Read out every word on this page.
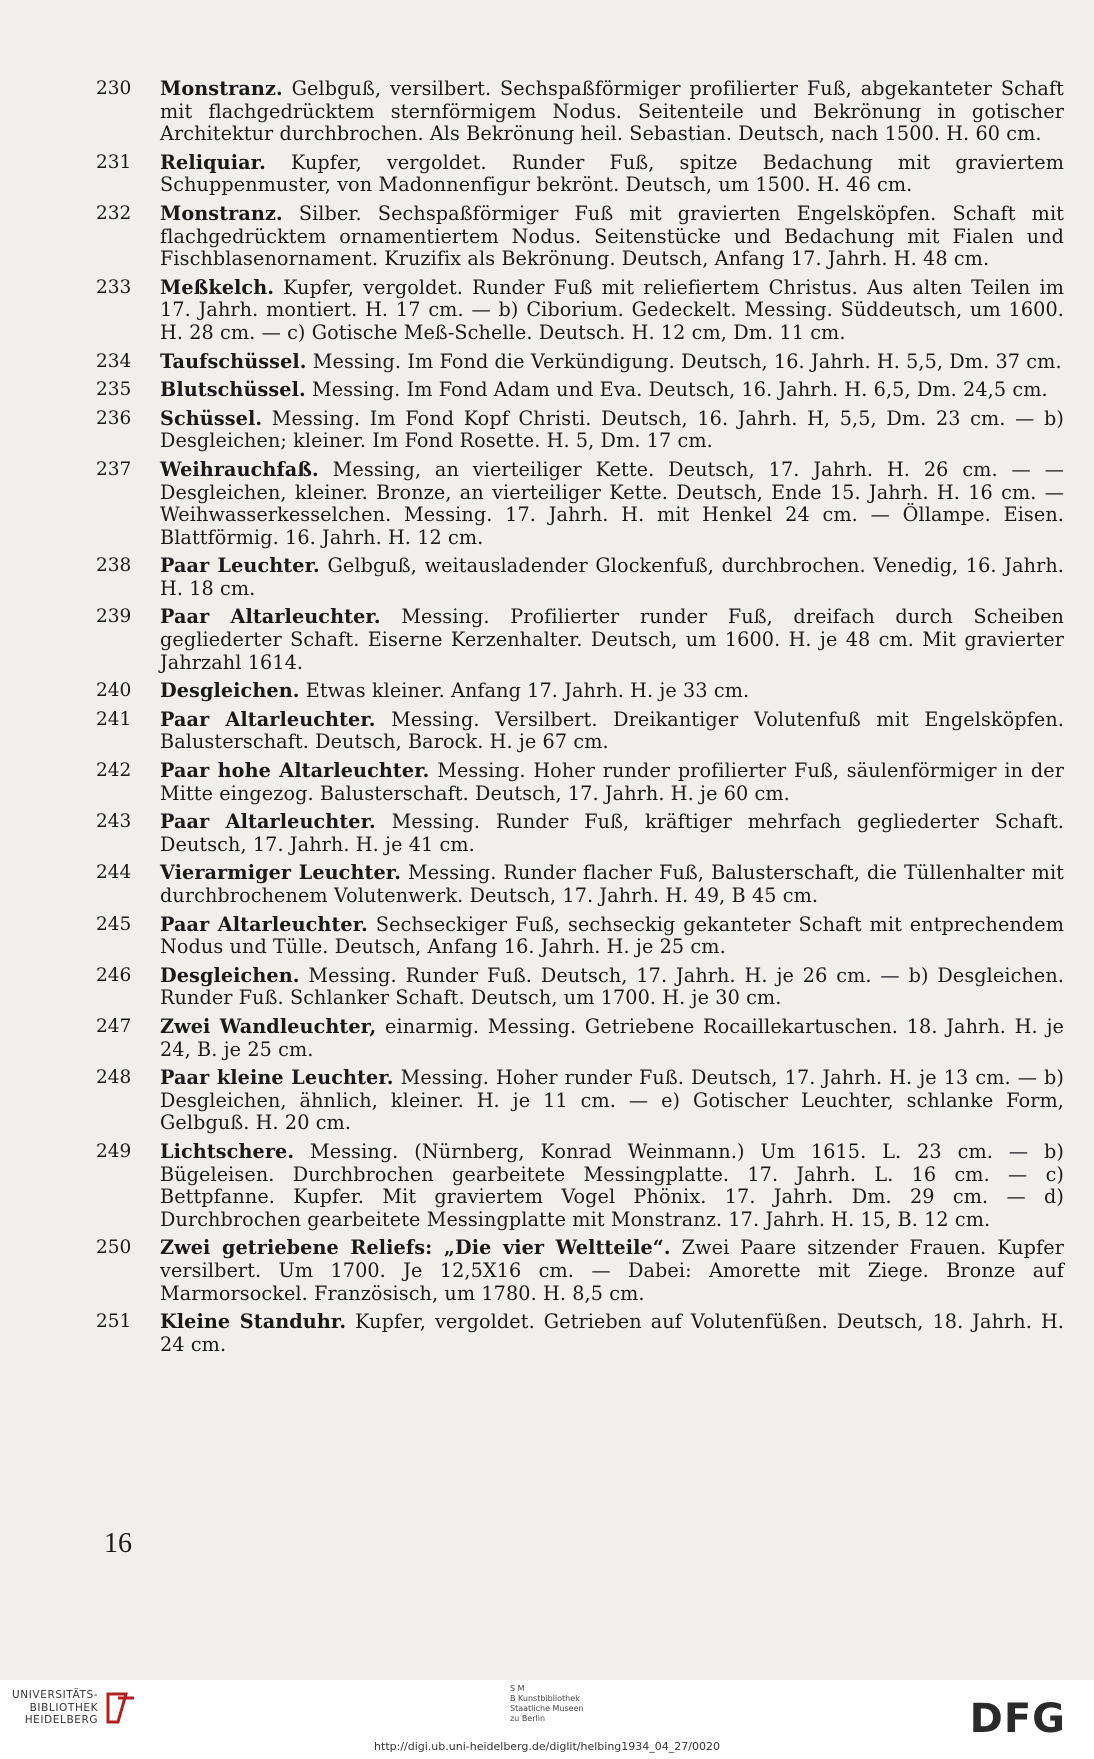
230	Monstranz. Gelbguß, versilbert. Sechspaßförmiger profilierter Fuß, abgekanteter Schaft mit flachgedrücktem sternförmigem Nodus. Seitenteile und Bekrönung in gotischer Architektur durchbrochen. Als Bekrönung heil. Sebastian. Deutsch, nach 1500. H. 60 cm.
231	Reliquiar. Kupfer, vergoldet. Runder Fuß, spitze Bedachung mit graviertem Schuppenmuster, von Madonnenfigur bekrönt. Deutsch, um 1500. H. 46 cm.
232	Monstranz. Silber. Sechspaßförmiger Fuß mit gravierten Engelsköpfen. Schaft mit flachgedrücktem ornamentiertem Nodus. Seitenstücke und Bedachung mit Fialen und Fischblasenornament. Kruzifix als Bekrönung. Deutsch, Anfang 17. Jahrh. H. 48 cm.
233	Meßkelch. Kupfer, vergoldet. Runder Fuß mit reliefiertem Christus. Aus alten Teilen im 17. Jahrh. montiert. H. 17 cm. — b) Ciborium. Gedeckelt. Messing. Süddeutsch, um 1600. H. 28 cm. — c) Gotische Meß-Schelle. Deutsch. H. 12 cm, Dm. 11 cm.
234	Taufschüssel. Messing. Im Fond die Verkündigung. Deutsch, 16. Jahrh. H. 5,5, Dm. 37 cm.
235	Blutschüssel. Messing. Im Fond Adam und Eva. Deutsch, 16. Jahrh. H. 6,5, Dm. 24,5 cm.
236	Schüssel. Messing. Im Fond Kopf Christi. Deutsch, 16. Jahrh. H, 5,5, Dm. 23 cm. — b) Desgleichen; kleiner. Im Fond Rosette. H. 5, Dm. 17 cm.
237	Weihrauchfaß. Messing, an vierteiliger Kette. Deutsch, 17. Jahrh. H. 26 cm. — — Desgleichen, kleiner. Bronze, an vierteiliger Kette. Deutsch, Ende 15. Jahrh. H. 16 cm. — Weihwasserkesselchen. Messing. 17. Jahrh. H. mit Henkel 24 cm. — Öllampe. Eisen. Blattförmig. 16. Jahrh. H. 12 cm.
238	Paar Leuchter. Gelbguß, weitausladender Glockenfuß, durchbrochen. Venedig, 16. Jahrh. H. 18 cm.
239	Paar Altarleuchter. Messing. Profilierter runder Fuß, dreifach durch Scheiben gegliederter Schaft. Eiserne Kerzenhalter. Deutsch, um 1600. H. je 48 cm. Mit gravierter Jahrzahl 1614.
240	Desgleichen. Etwas kleiner. Anfang 17. Jahrh. H. je 33 cm.
241	Paar Altarleuchter. Messing. Versilbert. Dreikantiger Volutenfuß mit Engelsköpfen. Balusterschaft. Deutsch, Barock. H. je 67 cm.
242	Paar hohe Altarleuchter. Messing. Hoher runder profilierter Fuß, säulenförmiger in der Mitte eingezog. Balusterschaft. Deutsch, 17. Jahrh. H. je 60 cm.
243	Paar Altarleuchter. Messing. Runder Fuß, kräftiger mehrfach gegliederter Schaft. Deutsch, 17. Jahrh. H. je 41 cm.
244	Vierarmiger Leuchter. Messing. Runder flacher Fuß, Balusterschaft, die Tüllenhalter mit durchbrochenem Volutenwerk. Deutsch, 17. Jahrh. H. 49, B 45 cm.
245	Paar Altarleuchter. Sechseckiger Fuß, sechseckig gekanteter Schaft mit entprechendem Nodus und Tülle. Deutsch, Anfang 16. Jahrh. H. je 25 cm.
246	Desgleichen. Messing. Runder Fuß. Deutsch, 17. Jahrh. H. je 26 cm. — b) Desgleichen. Runder Fuß. Schlanker Schaft. Deutsch, um 1700. H. je 30 cm.
247	Zwei Wandleuchter, einarmig. Messing. Getriebene Rocaillekartuschen. 18. Jahrh. H. je 24, B. je 25 cm.
248	Paar kleine Leuchter. Messing. Hoher runder Fuß. Deutsch, 17. Jahrh. H. je 13 cm. — b) Desgleichen, ähnlich, kleiner. H. je 11 cm. — e) Gotischer Leuchter, schlanke Form, Gelbguß. H. 20 cm.
249	Lichtschere. Messing. (Nürnberg, Konrad Weinmann.) Um 1615. L. 23 cm. — b) Bügeleisen. Durchbrochen gearbeitete Messingplatte. 17. Jahrh. L. 16 cm. — c) Bettpfanne. Kupfer. Mit graviertem Vogel Phönix. 17. Jahrh. Dm. 29 cm. — d) Durchbrochen gearbeitete Messingplatte mit Monstranz. 17. Jahrh. H. 15, B. 12 cm.
250	Zwei getriebene Reliefs: „Die vier Weltteile“. Zwei Paare sitzender Frauen. Kupfer versilbert. Um 1700. Je 12,5X16 cm. — Dabei: Amorette mit Ziege. Bronze auf Marmorsockel. Französisch, um 1780. H. 8,5 cm.
251	Kleine Standuhr. Kupfer, vergoldet. Getrieben auf Volutenfüßen. Deutsch, 18. Jahrh. H. 24 cm.
16
UNIVERSITÄTS-
BIBLIOTHEK
HEIDELBERG
S M
B Kunstbibliothek
Staatliche Museen
zu Berlin	DFG
http://digi.ub.uni-heidelberg.de/diglit/helbing1934_04_27/0020
